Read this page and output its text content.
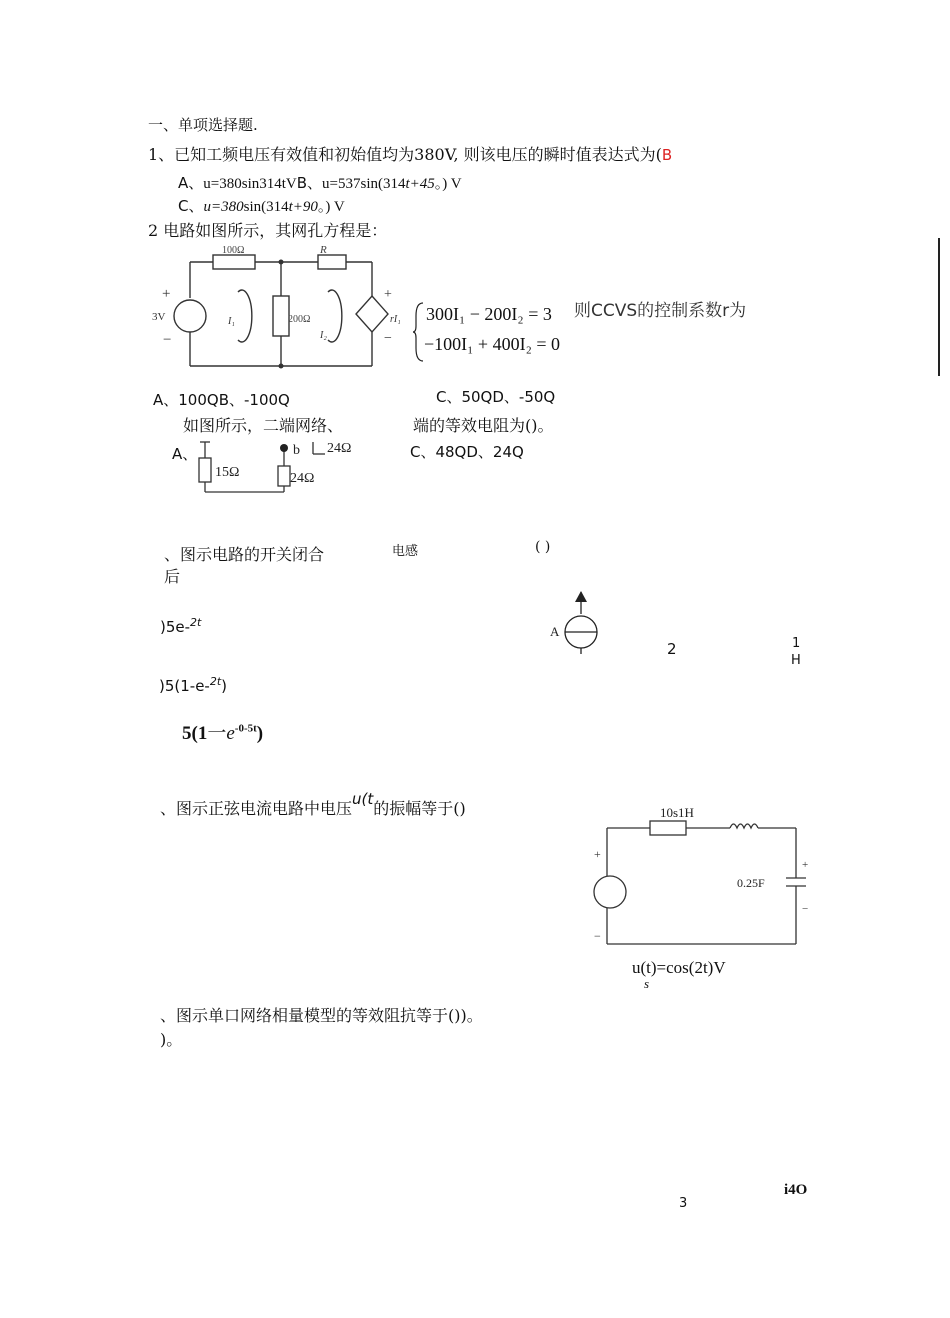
一、单项选择题.
1、已知工频电压有效值和初始值均为380V, 则该电压的瞬时值表达式为(B
A、u=380sin314tVB、u=537sin(314t+45。) V
C、u=380sin(314t+90。) V
2 电路如图所示，其网孔方程是：
100Ω	R
3V
+
−
200Ω
I₁
I₂
+
−
rI₁ 300I₁ − 200I₂ = 3
−100I₁ + 400I₂ = 0
则CCVS的控制系数r为
A、100QB、-100Q	C、50QD、-50Q
如图所示，二端网络、	端的等效电阻为()。
A、	b 24Ω
15Ω	24Ω
C、48QD、24Q
、图示电路的开关闭合
后
电感	( )
)5e-$^{2t}$
)5(1-e-$^{2t}$)
5(1一$e^{-0-5t}$)
A
2	1
H
、图示正弦电流电路中电压u(t的振幅等于()	10s1H
+
−
0.25F
+
−
u(t)=cos(2t)V
s
、图示单口网络相量模型的等效阻抗等于())。
)。
3
i4O
